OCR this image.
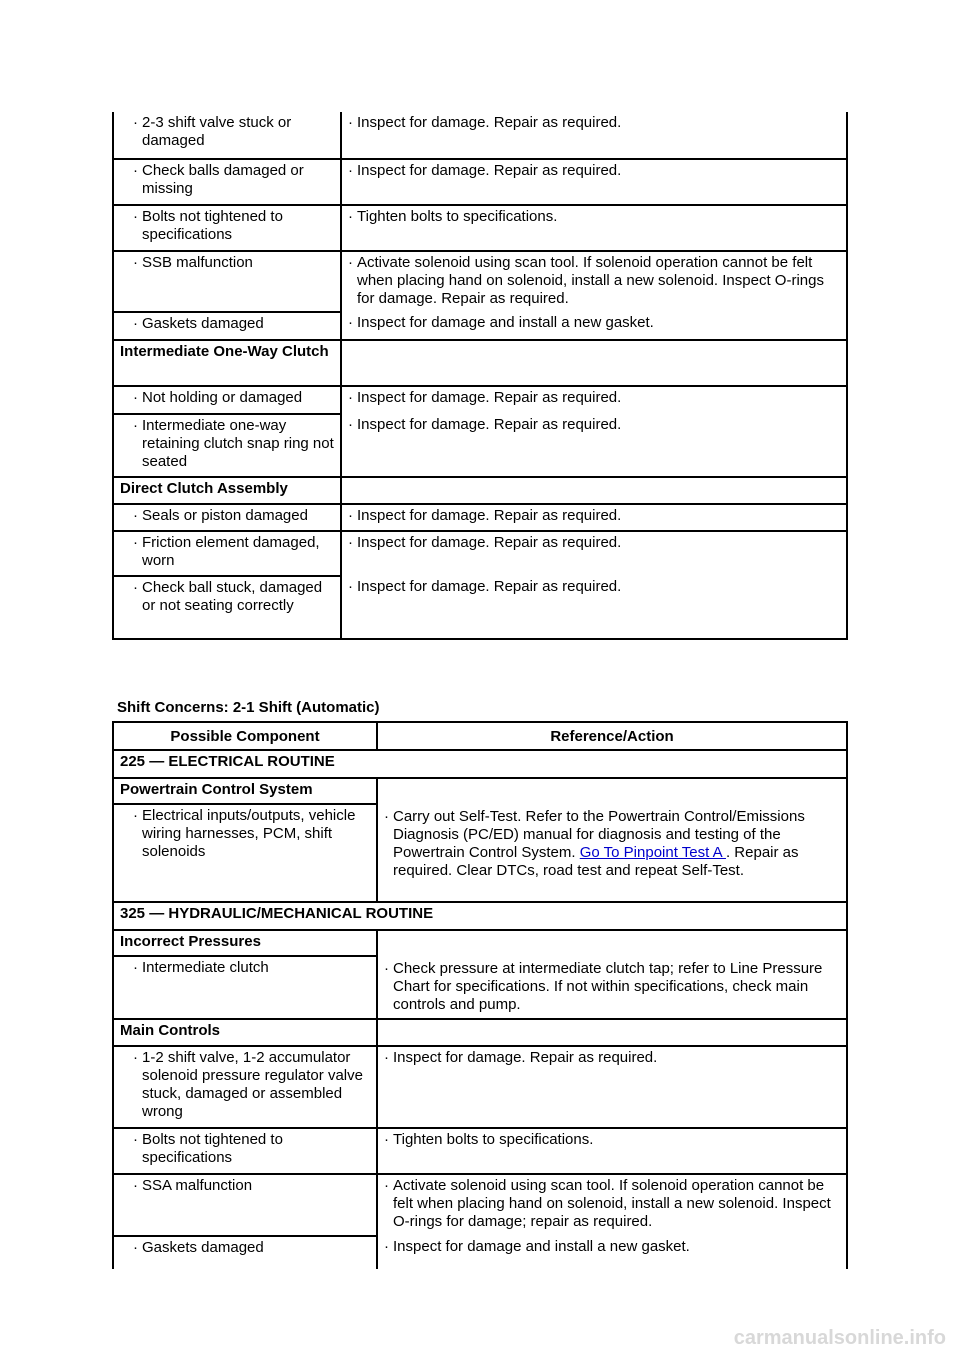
· 2-3 shift valve stuck or damaged	· Inspect for damage. Repair as required.

· Check balls damaged or missing	· Inspect for damage. Repair as required.

· Bolts not tightened to specifications	· Tighten bolts to specifications.

· SSB malfunction	· Activate solenoid using scan tool. If solenoid operation cannot be felt when placing hand on solenoid, install a new solenoid. Inspect O-rings for damage. Repair as required.

· Gaskets damaged	· Inspect for damage and install a new gasket.

Intermediate One-Way Clutch	

· Not holding or damaged	· Inspect for damage. Repair as required.

· Intermediate one-way retaining clutch snap ring not seated	· Inspect for damage. Repair as required.

Direct Clutch Assembly	

· Seals or piston damaged	· Inspect for damage. Repair as required.

· Friction element damaged, worn	· Inspect for damage. Repair as required.

· Check ball stuck, damaged or not seating correctly	· Inspect for damage. Repair as required.
Shift Concerns: 2-1 Shift (Automatic)
Possible Component	Reference/Action
225 — ELECTRICAL ROUTINE	
Powertrain Control System	· Carry out Self-Test. Refer to the Powertrain Control/Emissions Diagnosis (PC/ED) manual for diagnosis and testing of the Powertrain Control System. Go To Pinpoint Test A . Repair as required. Clear DTCs, road test and repeat Self-Test.

· Electrical inputs/outputs, vehicle wiring harnesses, PCM, shift solenoids	

325 — HYDRAULIC/MECHANICAL ROUTINE	
Incorrect Pressures	· Check pressure at intermediate clutch tap; refer to Line Pressure Chart for specifications. If not within specifications, check main controls and pump.

· Intermediate clutch	

Main Controls	

· 1-2 shift valve, 1-2 accumulator solenoid pressure regulator valve stuck, damaged or assembled wrong	· Inspect for damage. Repair as required.

· Bolts not tightened to specifications	· Tighten bolts to specifications.

· SSA malfunction	· Activate solenoid using scan tool. If solenoid operation cannot be felt when placing hand on solenoid, install a new solenoid. Inspect O-rings for damage; repair as required.

· Gaskets damaged	· Inspect for damage and install a new gasket.
carmanualsonline.info
